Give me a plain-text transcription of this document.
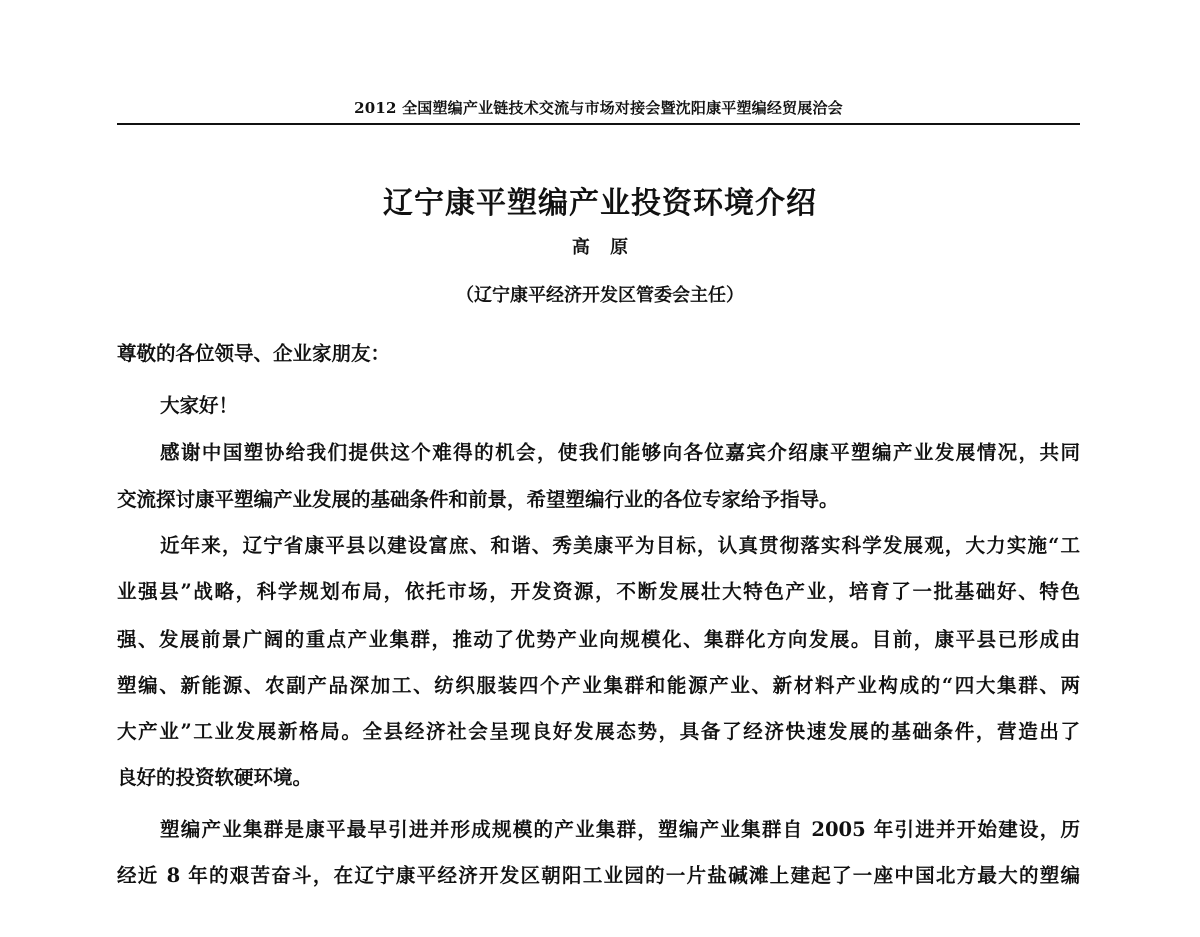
2012 全国塑编产业链技术交流与市场对接会暨沈阳康平塑编经贸展洽会
辽宁康平塑编产业投资环境介绍
高 原
（辽宁康平经济开发区管委会主任）
尊敬的各位领导、企业家朋友：
大家好！
感谢中国塑协给我们提供这个难得的机会，使我们能够向各位嘉宾介绍康平塑编产业发展情况，共同
交流探讨康平塑编产业发展的基础条件和前景，希望塑编行业的各位专家给予指导。
近年来，辽宁省康平县以建设富庶、和谐、秀美康平为目标，认真贯彻落实科学发展观，大力实施“工
业强县”战略，科学规划布局，依托市场，开发资源，不断发展壮大特色产业，培育了一批基础好、特色
强、发展前景广阔的重点产业集群，推动了优势产业向规模化、集群化方向发展。目前，康平县已形成由
塑编、新能源、农副产品深加工、纺织服装四个产业集群和能源产业、新材料产业构成的“四大集群、两
大产业”工业发展新格局。全县经济社会呈现良好发展态势，具备了经济快速发展的基础条件，营造出了
良好的投资软硬环境。
塑编产业集群是康平最早引进并形成规模的产业集群，塑编产业集群自 2005 年引进并开始建设，历
经近 8 年的艰苦奋斗，在辽宁康平经济开发区朝阳工业园的一片盐碱滩上建起了一座中国北方最大的塑编
